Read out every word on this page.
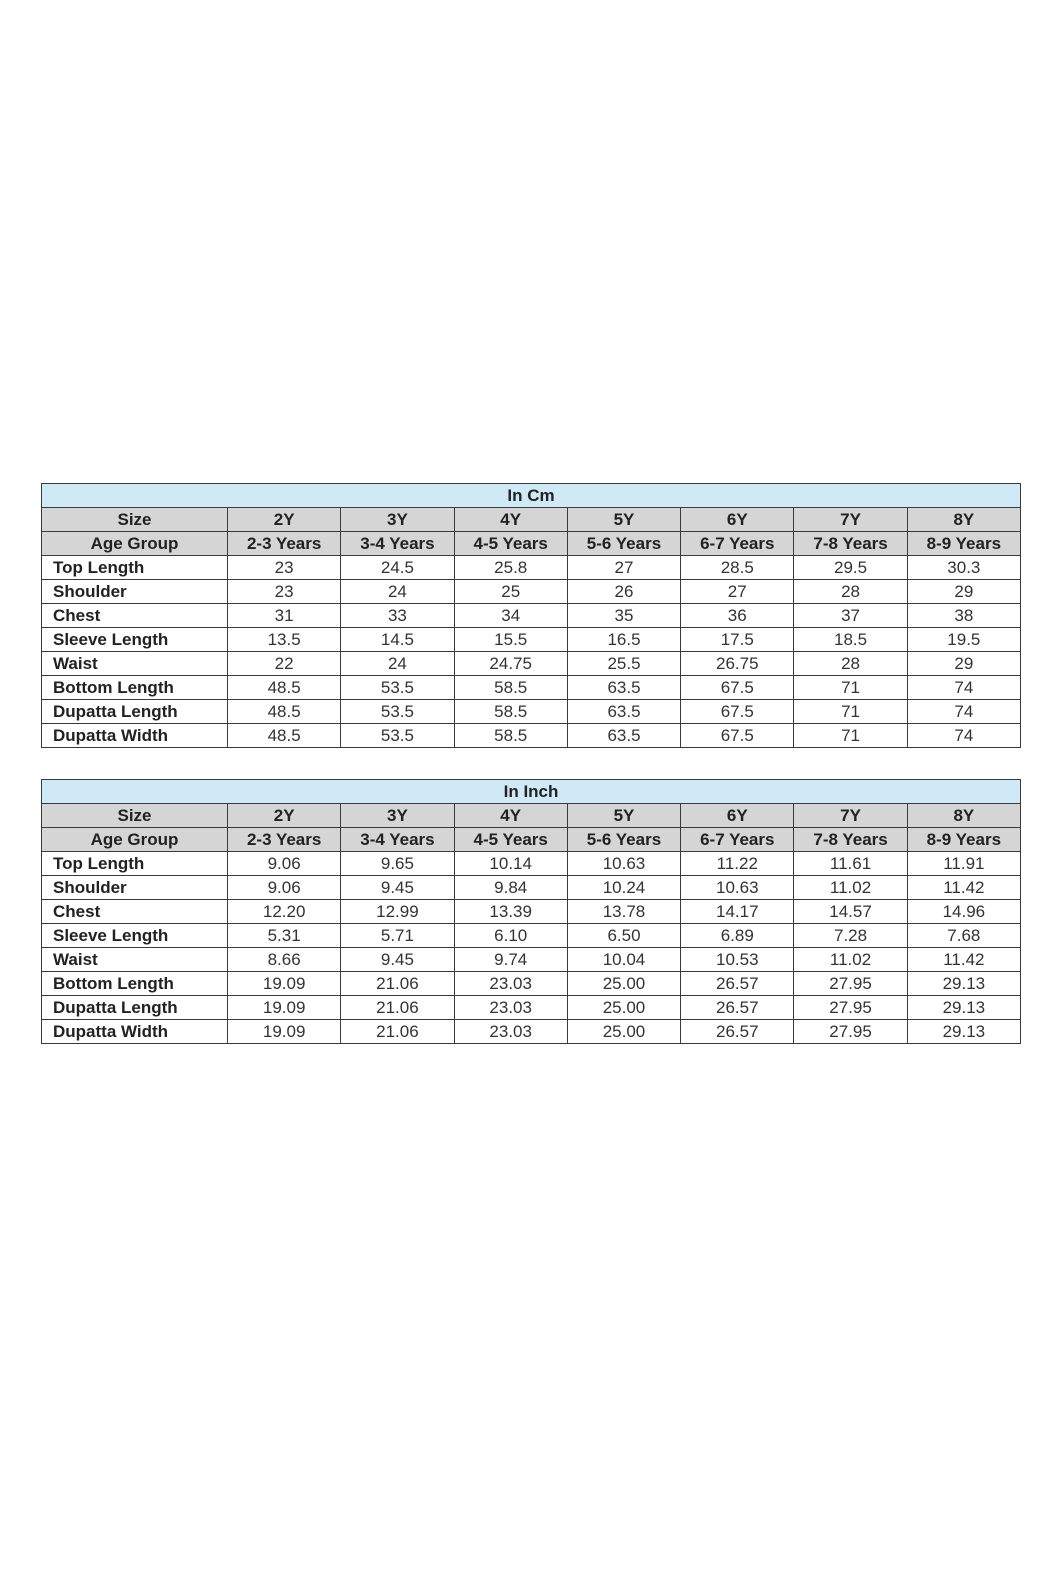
In Cm							
Size	2Y	3Y	4Y	5Y	6Y	7Y	8Y
Age Group	2-3 Years	3-4 Years	4-5 Years	5-6 Years	6-7 Years	7-8 Years	8-9 Years
Top Length	23	24.5	25.8	27	28.5	29.5	30.3
Shoulder	23	24	25	26	27	28	29
Chest	31	33	34	35	36	37	38
Sleeve Length	13.5	14.5	15.5	16.5	17.5	18.5	19.5
Waist	22	24	24.75	25.5	26.75	28	29
Bottom Length	48.5	53.5	58.5	63.5	67.5	71	74
Dupatta Length	48.5	53.5	58.5	63.5	67.5	71	74
Dupatta Width	48.5	53.5	58.5	63.5	67.5	71	74
In Inch							
Size	2Y	3Y	4Y	5Y	6Y	7Y	8Y
Age Group	2-3 Years	3-4 Years	4-5 Years	5-6 Years	6-7 Years	7-8 Years	8-9 Years
Top Length	9.06	9.65	10.14	10.63	11.22	11.61	11.91
Shoulder	9.06	9.45	9.84	10.24	10.63	11.02	11.42
Chest	12.20	12.99	13.39	13.78	14.17	14.57	14.96
Sleeve Length	5.31	5.71	6.10	6.50	6.89	7.28	7.68
Waist	8.66	9.45	9.74	10.04	10.53	11.02	11.42
Bottom Length	19.09	21.06	23.03	25.00	26.57	27.95	29.13
Dupatta Length	19.09	21.06	23.03	25.00	26.57	27.95	29.13
Dupatta Width	19.09	21.06	23.03	25.00	26.57	27.95	29.13
